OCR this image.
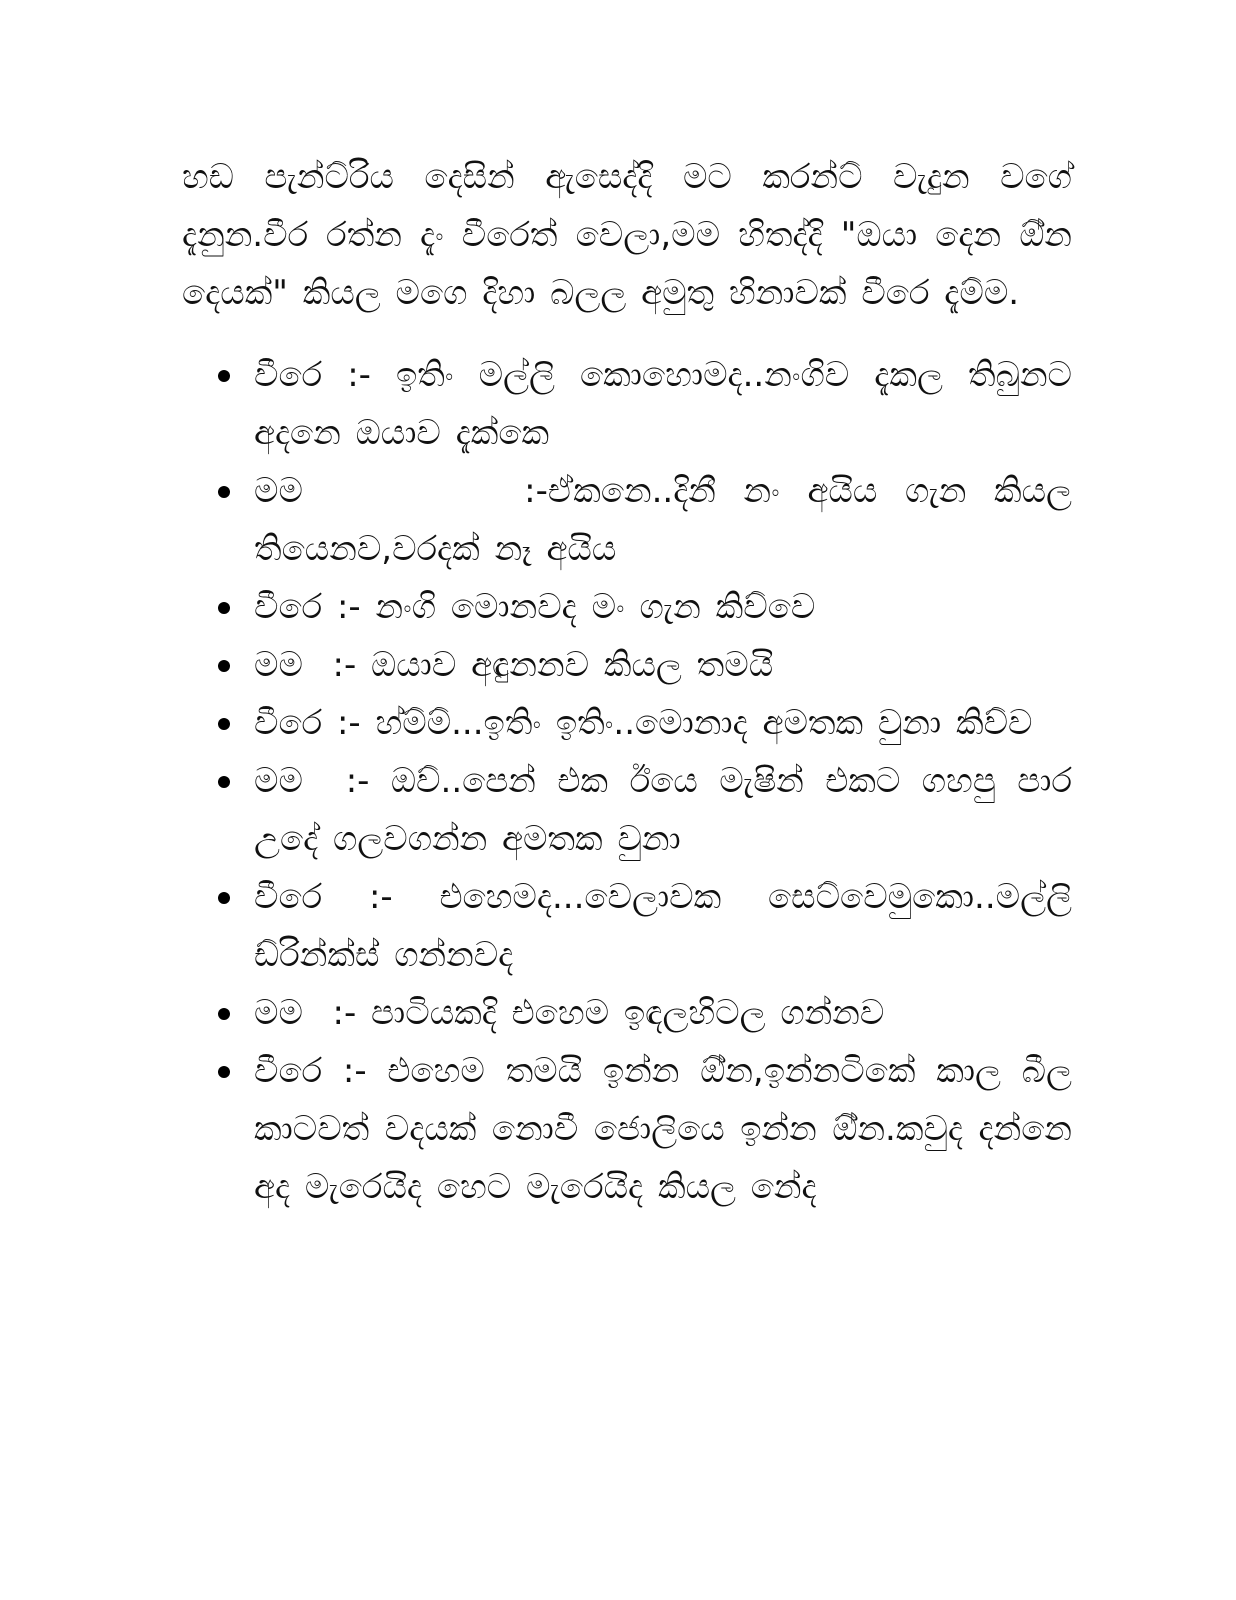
හඩ පැන්ට්රිය දෙසින් ඇසෙද්දි මට කරන්ට් වැදුන වගේ දැනුන.වීර රත්න දැං වීරෙත් වෙලා,මම හිතද්දි "ඔයා දෙන ඕ්න දෙයක්" කියල මගෙ දිහා බලල අමුතු හිනාවක් වීරෙ දැම්ම.

වීරෙ :- ඉතිං මල්ලි කොහොමද..නංගිව දැකල තිබුනට අදනෙ ඔයාව දැක්කෙ
මම        :-ඒකනෙ..දිනී නං අයිය ගැන කියල තියෙනව,වරදක් නෑ අයිය
වීරෙ :- නංගි මොනවද මං ගැන කිව්වෙ
මම  :- ඔයාව අඳුනනව කියල තමයි
වීරෙ :- හ්ම්ම්...ඉතිං ඉතිං..මොනාද අමතක වුනා කිව්ව
මම  :- ඔව්..පෙන් එක ඊයෙ මැෂින් එකට ගහපු පාර උදේ ගලවගන්න අමතක වුනා
වීරෙ :- එහෙමද...වෙලාවක සෙට්වෙමුකො..මල්ලි ඩ්රින්ක්ස් ගන්නවද
මම  :- පාටියකදි එහෙම ඉඳලහිටල ගන්නව
වීරෙ :- එහෙම තමයි ඉන්න ඕ්න,ඉන්නටිකේ කාල බීල කාටවත් වදයක් නොවී ජොලියෙ ඉන්න ඕ්න.කවුද දන්නෙ අද මැරෙයිද හෙට මැරෙයිද කියල නේද
